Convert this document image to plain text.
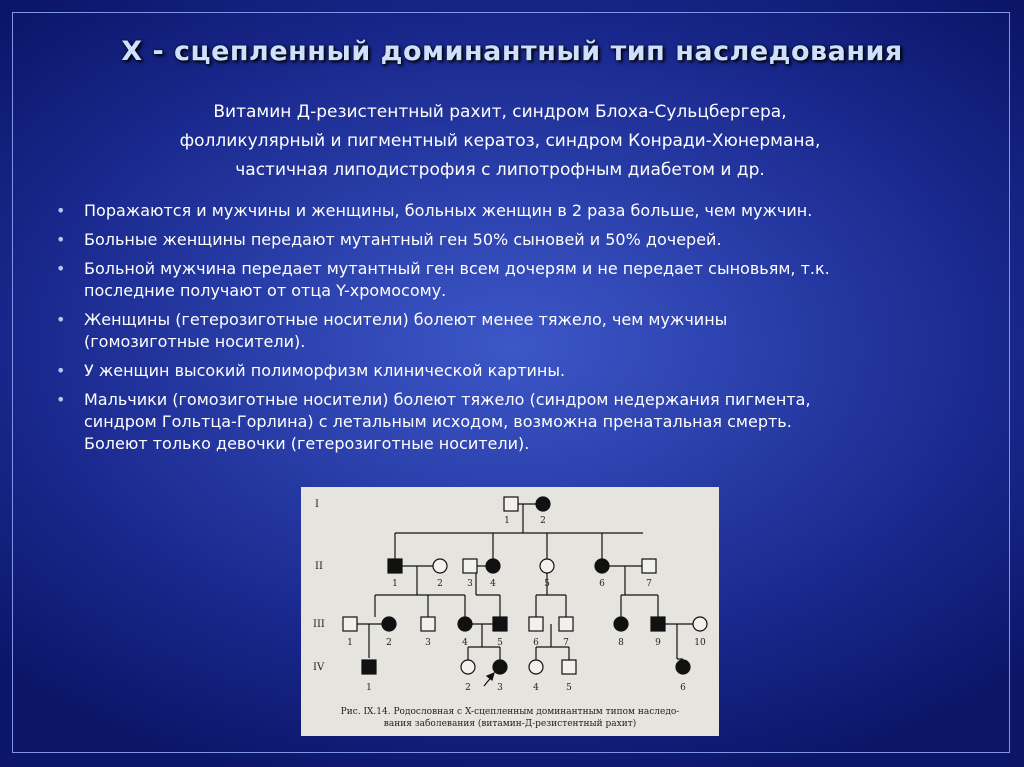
X - сцепленный доминантный тип наследования
Витамин Д-резистентный рахит, синдром Блоха-Сульцбергера,
фолликулярный и пигментный кератоз, синдром Конради-Хюнермана,
частичная липодистрофия с липотрофным диабетом и др.
• Поражаются и мужчины и женщины, больных женщин в 2 раза больше, чем мужчин.
• Больные женщины передают мутантный ген 50% сыновей и 50% дочерей.
• Больной мужчина передает мутантный ген всем дочерям и не передает сыновьям, т.к.
последние получают от отца Y-хромосому.
• Женщины (гетерозиготные носители) болеют менее тяжело, чем мужчины
(гомозиготные носители).
• У женщин высокий полиморфизм клинической картины.
• Мальчики (гомозиготные носители) болеют тяжело (синдром недержания пигмента,
синдром Гольтца-Горлина) с летальным исходом, возможна пренатальная смерть.
Болеют только девочки (гетерозиготные носители).
I
II
III
IV
1	2
1	2	3 4	5	6	7
1	2	3	4	5	6	7	8	9	10
1	2	3	4	5	6
Рис. IX.14. Родословная с X-сцепленным доминантным типом наследо-
вания заболевания (витамин-Д-резистентный рахит)
